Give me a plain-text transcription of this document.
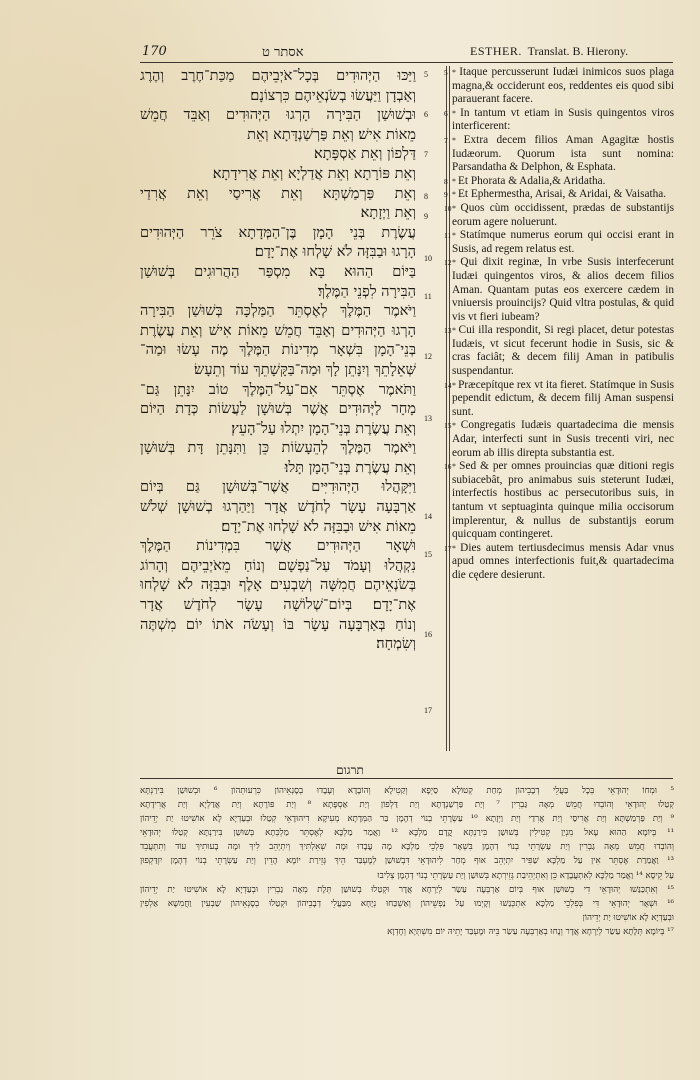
170	אסתר ט	ESTHER. Translat. B. Hierony.
וַיַּכּוּ הַיְּהוּדִים בְּכָל־אֹיְבֵיהֶם מַכַּת־חֶרֶב וְהֶרֶג
וְאַבְדָן וַיַּעֲשׂוּ בְשֹׂנְאֵיהֶם כִּרְצוֹנָם׃
וּבְשׁוּשַׁן הַבִּירָה הָרְגוּ הַיְּהוּדִים וְאַבֵּד חֲמֵשׁ
מֵאוֹת אִישׁ׃ וְאֵת פַּרְשַׁנְדָּתָא וְאֵת
דַּלְפוֹן וְאֵת אַסְפָּתָא׃
וְאֵת פּוֹרָתָא וְאֵת אֲדַלְיָא וְאֵת אֲרִידָתָא׃
וְאֵת פַּרְמַשְׁתָּא וְאֵת אֲרִיסַי וְאֵת אֲרִדַי
וְאֵת וַיְזָתָא׃
עֲשֶׂרֶת בְּנֵי הָמָן בֶּן־הַמְּדָתָא צֹרֵר הַיְּהוּדִים
הָרָגוּ וּבַבִּזָּה לֹא שָׁלְחוּ אֶת־יָדָם׃
בַּיּוֹם הַהוּא בָּא מִסְפַּר הַהֲרוּגִים בְּשׁוּשַׁן
הַבִּירָה לִפְנֵי הַמֶּלֶךְ׃
וַיֹּאמֶר הַמֶּלֶךְ לְאֶסְתֵּר הַמַּלְכָּה בְּשׁוּשַׁן הַבִּירָה
הָרְגוּ הַיְּהוּדִים וְאַבֵּד חֲמֵשׁ מֵאוֹת אִישׁ וְאֵת עֲשֶׂרֶת
בְּנֵי־הָמָן בִּשְׁאָר מְדִינוֹת הַמֶּלֶךְ מֶה עָשׂוּ וּמַה־
שְּׁאֵלָתֵךְ וְיִנָּתֵן לָךְ וּמַה־בַּקָּשָׁתֵךְ עוֹד וְתֵעָשׂ׃
וַתֹּאמֶר אֶסְתֵּר אִם־עַל־הַמֶּלֶךְ טוֹב יִנָּתֵן גַּם־
מָחָר לַיְּהוּדִים אֲשֶׁר בְּשׁוּשָׁן לַעֲשׂוֹת כְּדָת הַיּוֹם
וְאֵת עֲשֶׂרֶת בְּנֵי־הָמָן יִתְלוּ עַל־הָעֵץ׃
וַיֹּאמֶר הַמֶּלֶךְ לְהֵעָשׂוֹת כֵּן וַתִּנָּתֵן דָּת בְּשׁוּשָׁן
וְאֵת עֲשֶׂרֶת בְּנֵי־הָמָן תָּלוּ׃
וַיִּקָּהֲלוּ הַיְּהוּדִיִּים אֲשֶׁר־בְּשׁוּשָׁן גַּם בְּיוֹם
אַרְבָּעָה עָשָׂר לְחֹדֶשׁ אֲדָר וַיַּהַרְגוּ בְשׁוּשָׁן שְׁלֹשׁ
מֵאוֹת אִישׁ וּבַבִּזָּה לֹא שָׁלְחוּ אֶת־יָדָם׃
וּשְׁאָר הַיְּהוּדִים אֲשֶׁר בִּמְדִינוֹת הַמֶּלֶךְ
נִקְהֲלוּ וְעָמֹד עַל־נַפְשָׁם וְנוֹחַ מֵאֹיְבֵיהֶם וְהָרוֹג
בְּשֹׂנְאֵיהֶם חֲמִשָּׁה וְשִׁבְעִים אָלֶף וּבַבִּזָּה לֹא שָׁלְחוּ
אֶת־יָדָם׃ בְּיוֹם־שְׁלוֹשָׁה עָשָׂר לְחֹדֶשׁ אֲדָר
וְנוֹחַ בְּאַרְבָּעָה עָשָׂר בּוֹ וְעָשֹׂה אֹתוֹ יוֹם מִשְׁתֶּה
וְשִׂמְחָה׃
5
6
7
8
9
10
11
12
13
14
15
16
17

5 * Itaque percusserunt Iudæi inimicos suos plaga magna,& occiderunt eos, reddentes eis quod sibi parauerant facere.

6 * In tantum vt etiam in Susis quingentos viros interficerent:

7 * Extra decem filios Aman Agagitæ hostis Iudæorum. Quorum ista sunt nomina: Parsandatha & Delphon, & Esphata.

8 * Et Phorata & Adalia,& Aridatha.

9 * Et Ephermestha, Arisai, & Aridai, & Vaisatha.

10 * Quos cùm occidissent, prædas de substantijs eorum agere noluerunt.

11 * Statímque numerus eorum qui occisi erant in Susis, ad regem relatus est.

12 * Qui dixit reginæ, In vrbe Susis interfecerunt Iudæi quingentos viros, & alios decem filios Aman. Quantam putas eos exercere cædem in vniuersis prouincijs? Quid vltra postulas, & quid vis vt fieri iubeam?

13 * Cui illa respondit, Si regi placet, detur potestas Iudæis, vt sicut fecerunt hodie in Susis, sic & cras faciât; & decem filij Aman in patibulis suspendantur.

14 * Præcepítque rex vt ita fieret. Statímque in Susis pependit edictum, & decem filij Aman suspensi sunt.

15 * Congregatis Iudæis quartadecima die mensis Adar, interfecti sunt in Susis trecenti viri, nec eorum ab illis direpta substantia est.

16 * Sed & per omnes prouincias quæ ditioni regis subiacebât, pro animabus suis steterunt Iudæi, interfectis hostibus ac persecutoribus suis, in tantum vt septuaginta quinque milia occisorum implerentur, & nullus de substantijs eorum quicquam contingeret.

17 * Dies autem tertiusdecimus mensis Adar vnus apud omnes interfectionis fuit,& quartadecima die cędere desierunt.

תרגום
⁵ וּמְחוֹ יְהוּדָאֵי בְּכָל בַּעֲלֵי דְבָבֵיהוֹן מְחַת קְטוֹלָא סַיְפָא וְקַטִילָא וְהוֹבָדָא וְעָבָדוּ בְסָנְאֵיהוֹן כִּרְעוּתְהוֹן ⁶ וּבְשׁוּשַׁן בִּירַנְתָּא
קְטַלוּ יְהוּדָאֵי וְהוֹבְדוּ חֲמֵשׁ מְאָה גַּבְרִין ⁷ וְיַת פַּרְשַׁנְדָּתָא וְיַת דַּלְפוֹן וְיַת אַסְפָּתָא ⁸ וְיַת פּוֹרָתָא וְיַת אֲדַלְיָא וְיַת אֲרִידָתָא
⁹ וְיַת פַּרְמַשְׁתָּא וְיַת אֲרִיסַי וְיַת אֲרִדַי וְיַת וַיְזָתָא ¹⁰ עַשְׂרָתֵי בְנוֹי דְהָמָן בַּר הַמְּדָתָא מְעִיקָא דִיהוּדָאֵי קְטַלוּ וּבְעַדְיָא לָא אוֹשִׁיטוּ יַת יְדֵיהוֹן
¹¹ בְּיוֹמָא הַהוּא עָאל מִנְיַן קְטִילִין בְּשׁוּשַׁן בִּירַנְתָּא קֳדָם מַלְכָּא ¹² וַאֲמַר מַלְכָּא לְאֶסְתֵּר מַלְכְּתָא בְּשׁוּשַׁן בִּירַנְתָּא קְטַלוּ יְהוּדָאֵי
וְהוֹבְדוּ חֲמֵשׁ מְאָה גַבְרִין וְיַת עַשְׂרָתֵי בְנוֹי דְהָמָן בִּשְׁאָר פִּלְכֵי מַלְכָּא מָה עֲבָדוּ וּמָה שְׁאֵלְתִּיךְ וְיִתְיְהֵב לִיךְ וּמָה בָעוּתִיךְ עוֹד וְתִתְעֲבֵד
¹³ וַאֲמַרַת אֶסְתֵּר אִין עַל מַלְכָּא שַׁפִּיר יִתְיְהֵב אוּף מְחַר לִיהוּדָאֵי דִּבְשׁוּשַׁן לְמֶעְבַּד הֵיךְ גְּזֵירַת יוֹמָא הָדֵין וְיַת עַשְׂרָתֵי בְנוֹי דְהָמָן יִזְדַּקְפוּן
עַל קֵיסָא ¹⁴ וַאֲמַר מַלְכָּא לְאִתְעֲבָדָא כֵּן וְאִתְיְהֵיבַת גְּזֵירְתָא בְּשׁוּשַׁן וְיַת עַשְׂרָתֵי בְנוֹי דְהָמָן צְלִיבוּ
¹⁵ וְאִתְכַּנַּשׁוּ יְהוּדָאֵי דִי בְשׁוּשַׁן אוּף בְּיוֹם אַרְבְּעָה עַשַׂר לְיַרְחָא אֲדָר וּקְטַלוּ בְשׁוּשַׁן תְּלָת מְאָה גַבְרִין וּבְעַדְיָא לָא אוֹשִׁיטוּ יַת יְדֵיהוֹן
¹⁶ וּשְׁאָר יְהוּדָאֵי דִּי בְּפִלְכֵי מַלְכָּא אִתְכְּנַשׁוּ וְקָיְמוּ עַל נַפְשֵׁיהוֹן וְאַשְׁכַּחוּ נְיָחָא מִבַּעֲלֵי דְבָבֵיהוֹן וּקְטַלוּ בְסָנְאֵיהוֹן שַׁבְעִין וַחֲמִשָׁא אַלְפִין
וּבְעַדְיָא לָא אוֹשִׁיטוּ יַת יְדֵיהוֹן
¹⁷ בְּיוֹמָא תְּלָתָא עַשַׂר לְיַרְחָא אֲדָר וְנָחוּ בְאַרְבְּעָה עַשַׂר בֵּיהּ וּמֶעְבַּד יָתֵיהּ יוֹם מִשְׁתְּיָא וְחֶדְוָא
